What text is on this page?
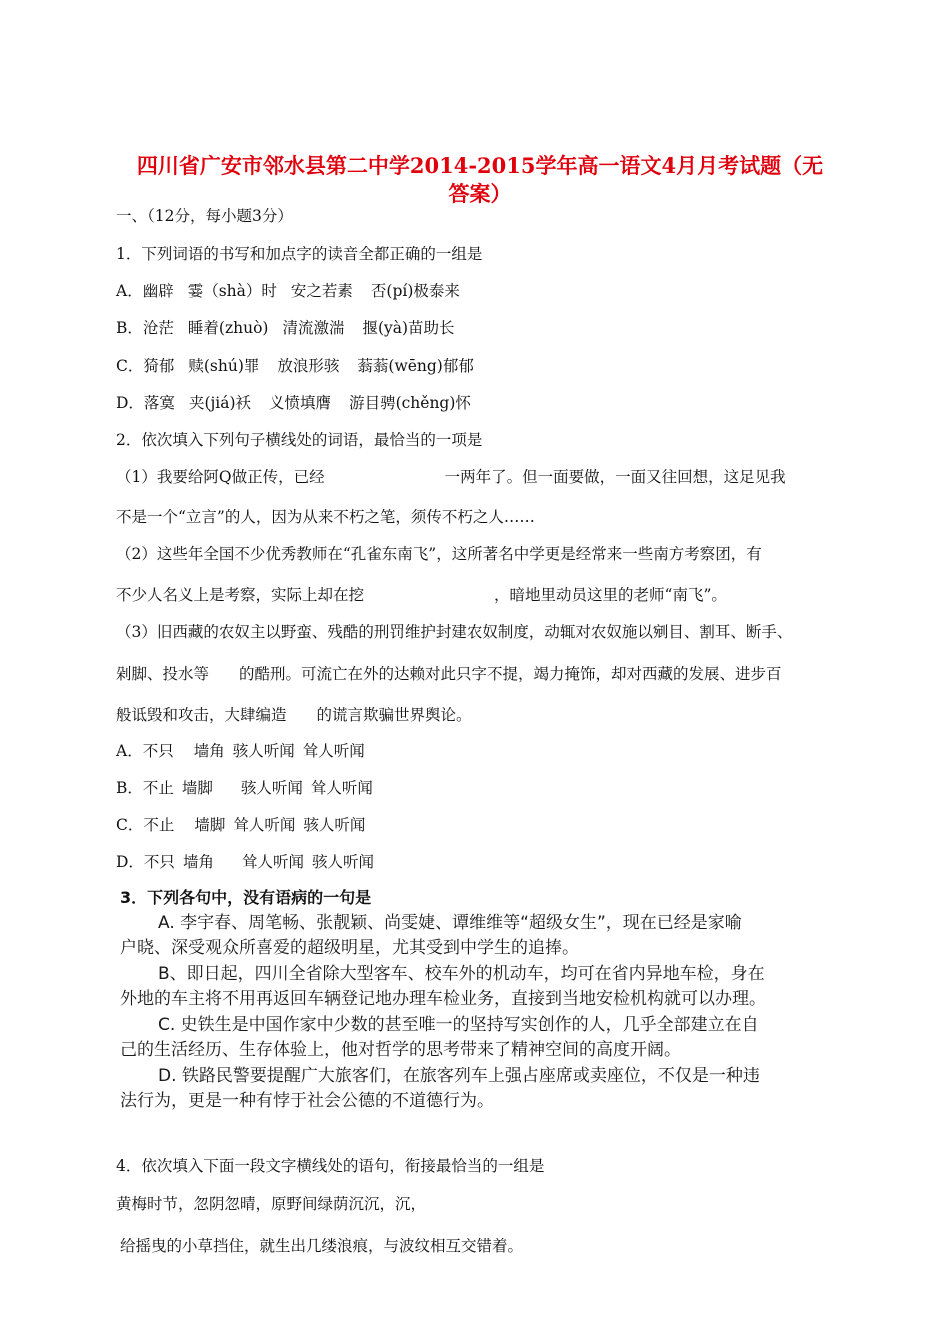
四川省广安市邻水县第二中学2014-2015学年高一语文4月月考试题（无
答案）
一、（12分，每小题3分）
1．下列词语的书写和加点字的读音全都正确的一组是
A．幽辟 霎（shà）时 安之若素 否(pí)极泰来
B．沧茫 睡着(zhuò) 清流激湍 揠(yà)苗助长
C．猗郁 赎(shú)罪 放浪形骇 蓊蓊(wēng)郁郁
D．落寞 夹(jiá)袄 义愤填膺 游目骋(chěng)怀
2．依次填入下列句子横线处的词语，最恰当的一项是
（1）我要给阿Q做正传，已经	一两年了。但一面要做，一面又往回想，这足见我
不是一个“立言”的人，因为从来不朽之笔，须传不朽之人……
（2）这些年全国不少优秀教师在“孔雀东南飞”，这所著名中学更是经常来一些南方考察团，有
不少人名义上是考察，实际上却在挖	，暗地里动员这里的老师“南飞”。
（3）旧西藏的农奴主以野蛮、残酷的刑罚维护封建农奴制度，动辄对农奴施以剜目、割耳、断手、
剁脚、投水等 的酷刑。可流亡在外的达赖对此只字不提，竭力掩饰，却对西藏的发展、进步百
般诋毁和攻击，大肆编造 的谎言欺骗世界舆论。
A．不只 墙角 骇人听闻 耸人听闻
B．不止 墙脚 骇人听闻 耸人听闻
C．不止 墙脚 耸人听闻 骇人听闻
D．不只 墙角 耸人听闻 骇人听闻
3．下列各句中，没有语病的一句是
A. 李宇春、周笔畅、张靓颖、尚雯婕、谭维维等“超级女生”，现在已经是家喻
户晓、深受观众所喜爱的超级明星，尤其受到中学生的追捧。
B、即日起，四川全省除大型客车、校车外的机动车，均可在省内异地车检，身在
外地的车主将不用再返回车辆登记地办理车检业务，直接到当地安检机构就可以办理。
C. 史铁生是中国作家中少数的甚至唯一的坚持写实创作的人，几乎全部建立在自
己的生活经历、生存体验上，他对哲学的思考带来了精神空间的高度开阔。
D. 铁路民警要提醒广大旅客们，在旅客列车上强占座席或卖座位，不仅是一种违
法行为，更是一种有悖于社会公德的不道德行为。
4．依次填入下面一段文字横线处的语句，衔接最恰当的一组是
黄梅时节，忽阴忽晴，原野间绿荫沉沉，沉，
给摇曳的小草挡住，就生出几缕浪痕，与波纹相互交错着。
